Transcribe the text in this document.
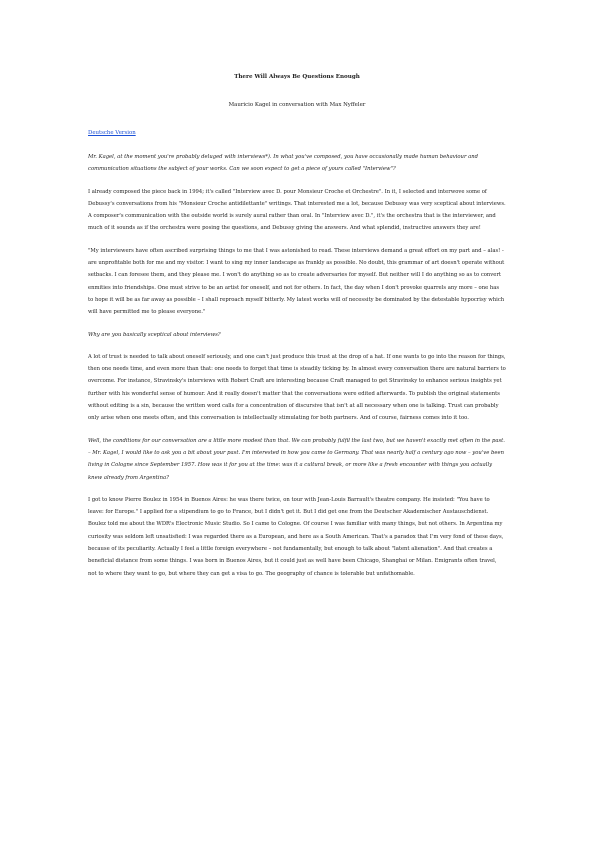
There Will Always Be Questions Enough
Mauricio Kagel in conversation with Max Nyffeler
Deutsche Version

Mr. Kagel, at the moment you're probably deluged with interviews*). In what you've composed, you have occasionally made human behaviour and communication situations the subject of your works. Can we soon expect to get a piece of yours called "Interview"?

I already composed the piece back in 1994; it's called "Interview avec D. pour Monsieur Croche et Orchestre". In it, I selected and interwove some of Debussy's conversations from his "Monsieur Croche antidilettante" writings. That interested me a lot, because Debussy was very sceptical about interviews. A composer's communication with the outside world is surely aural rather than oral. In "Interview avec D.", it's the orchestra that is the interviewer, and much of it sounds as if the orchestra were posing the questions, and Debussy giving the answers. And what splendid, instructive answers they are!

"My interviewers have often ascribed surprising things to me that I was astonished to read. These interviews demand a great effort on my part and – alas! - are unprofitable both for me and my visitor. I want to sing my inner landscape as frankly as possible. No doubt, this grammar of art doesn't operate without setbacks. I can foresee them, and they please me. I won't do anything so as to create adversaries for myself. But neither will I do anything so as to convert enmities into friendships. One must strive to be an artist for oneself, and not for others. In fact, the day when I don't provoke quarrels any more – one has to hope it will be as far away as possible – I shall reproach myself bitterly. My latest works will of necessity be dominated by the detestable hypocrisy which will have permitted me to please everyone."

Why are you basically sceptical about interviews?

A lot of trust is needed to talk about oneself seriously, and one can't just produce this trust at the drop of a hat. If one wants to go into the reason for things, then one needs time, and even more than that: one needs to forget that time is steadily ticking by. In almost every conversation there are natural barriers to overcome. For instance, Stravinsky's interviews with Robert Craft are interesting because Craft managed to get Stravinsky to enhance serious insights yet further with his wonderful sense of humour. And it really doesn't matter that the conversations were edited afterwards. To publish the original statements without editing is a sin, because the written word calls for a concentration of discursive that isn't at all necessary when one is talking. Trust can probably only arise when one meets often, and this conversation is intellectually stimulating for both partners. And of course, fairness comes into it too.

Well, the conditions for our conversation are a little more modest than that. We can probably fulfil the last two, but we haven't exactly met often in the past. – Mr. Kagel, I would like to ask you a bit about your past. I'm interested in how you came to Germany. That was nearly half a century ago now – you've been living in Cologne since September 1957. How was it for you at the time: was it a cultural break, or more like a fresh encounter with things you actually knew already from Argentina?

I got to know Pierre Boulez in 1954 in Buenos Aires: he was there twice, on tour with Jean-Louis Barrault's theatre company. He insisted: "You have to leave: for Europe." I applied for a stipendium to go to France, but I didn't get it. But I did get one from the Deutscher Akademischer Austauschdienst. Boulez told me about the WDR's Electronic Music Studio. So I came to Cologne. Of course I was familiar with many things, but not others. In Argentina my curiosity was seldom left unsatisfied: I was regarded there as a European, and here as a South American. That's a paradox that I'm very fond of these days, because of its peculiarity. Actually I feel a little foreign everywhere – not fundamentally, but enough to talk about "latent alienation". And that creates a beneficial distance from some things. I was born in Buenos Aires, but it could just as well have been Chicago, Shanghai or Milan. Emigrants often travel, not to where they want to go, but where they can get a visa to go. The geography of chance is tolerable but unfathomable.
